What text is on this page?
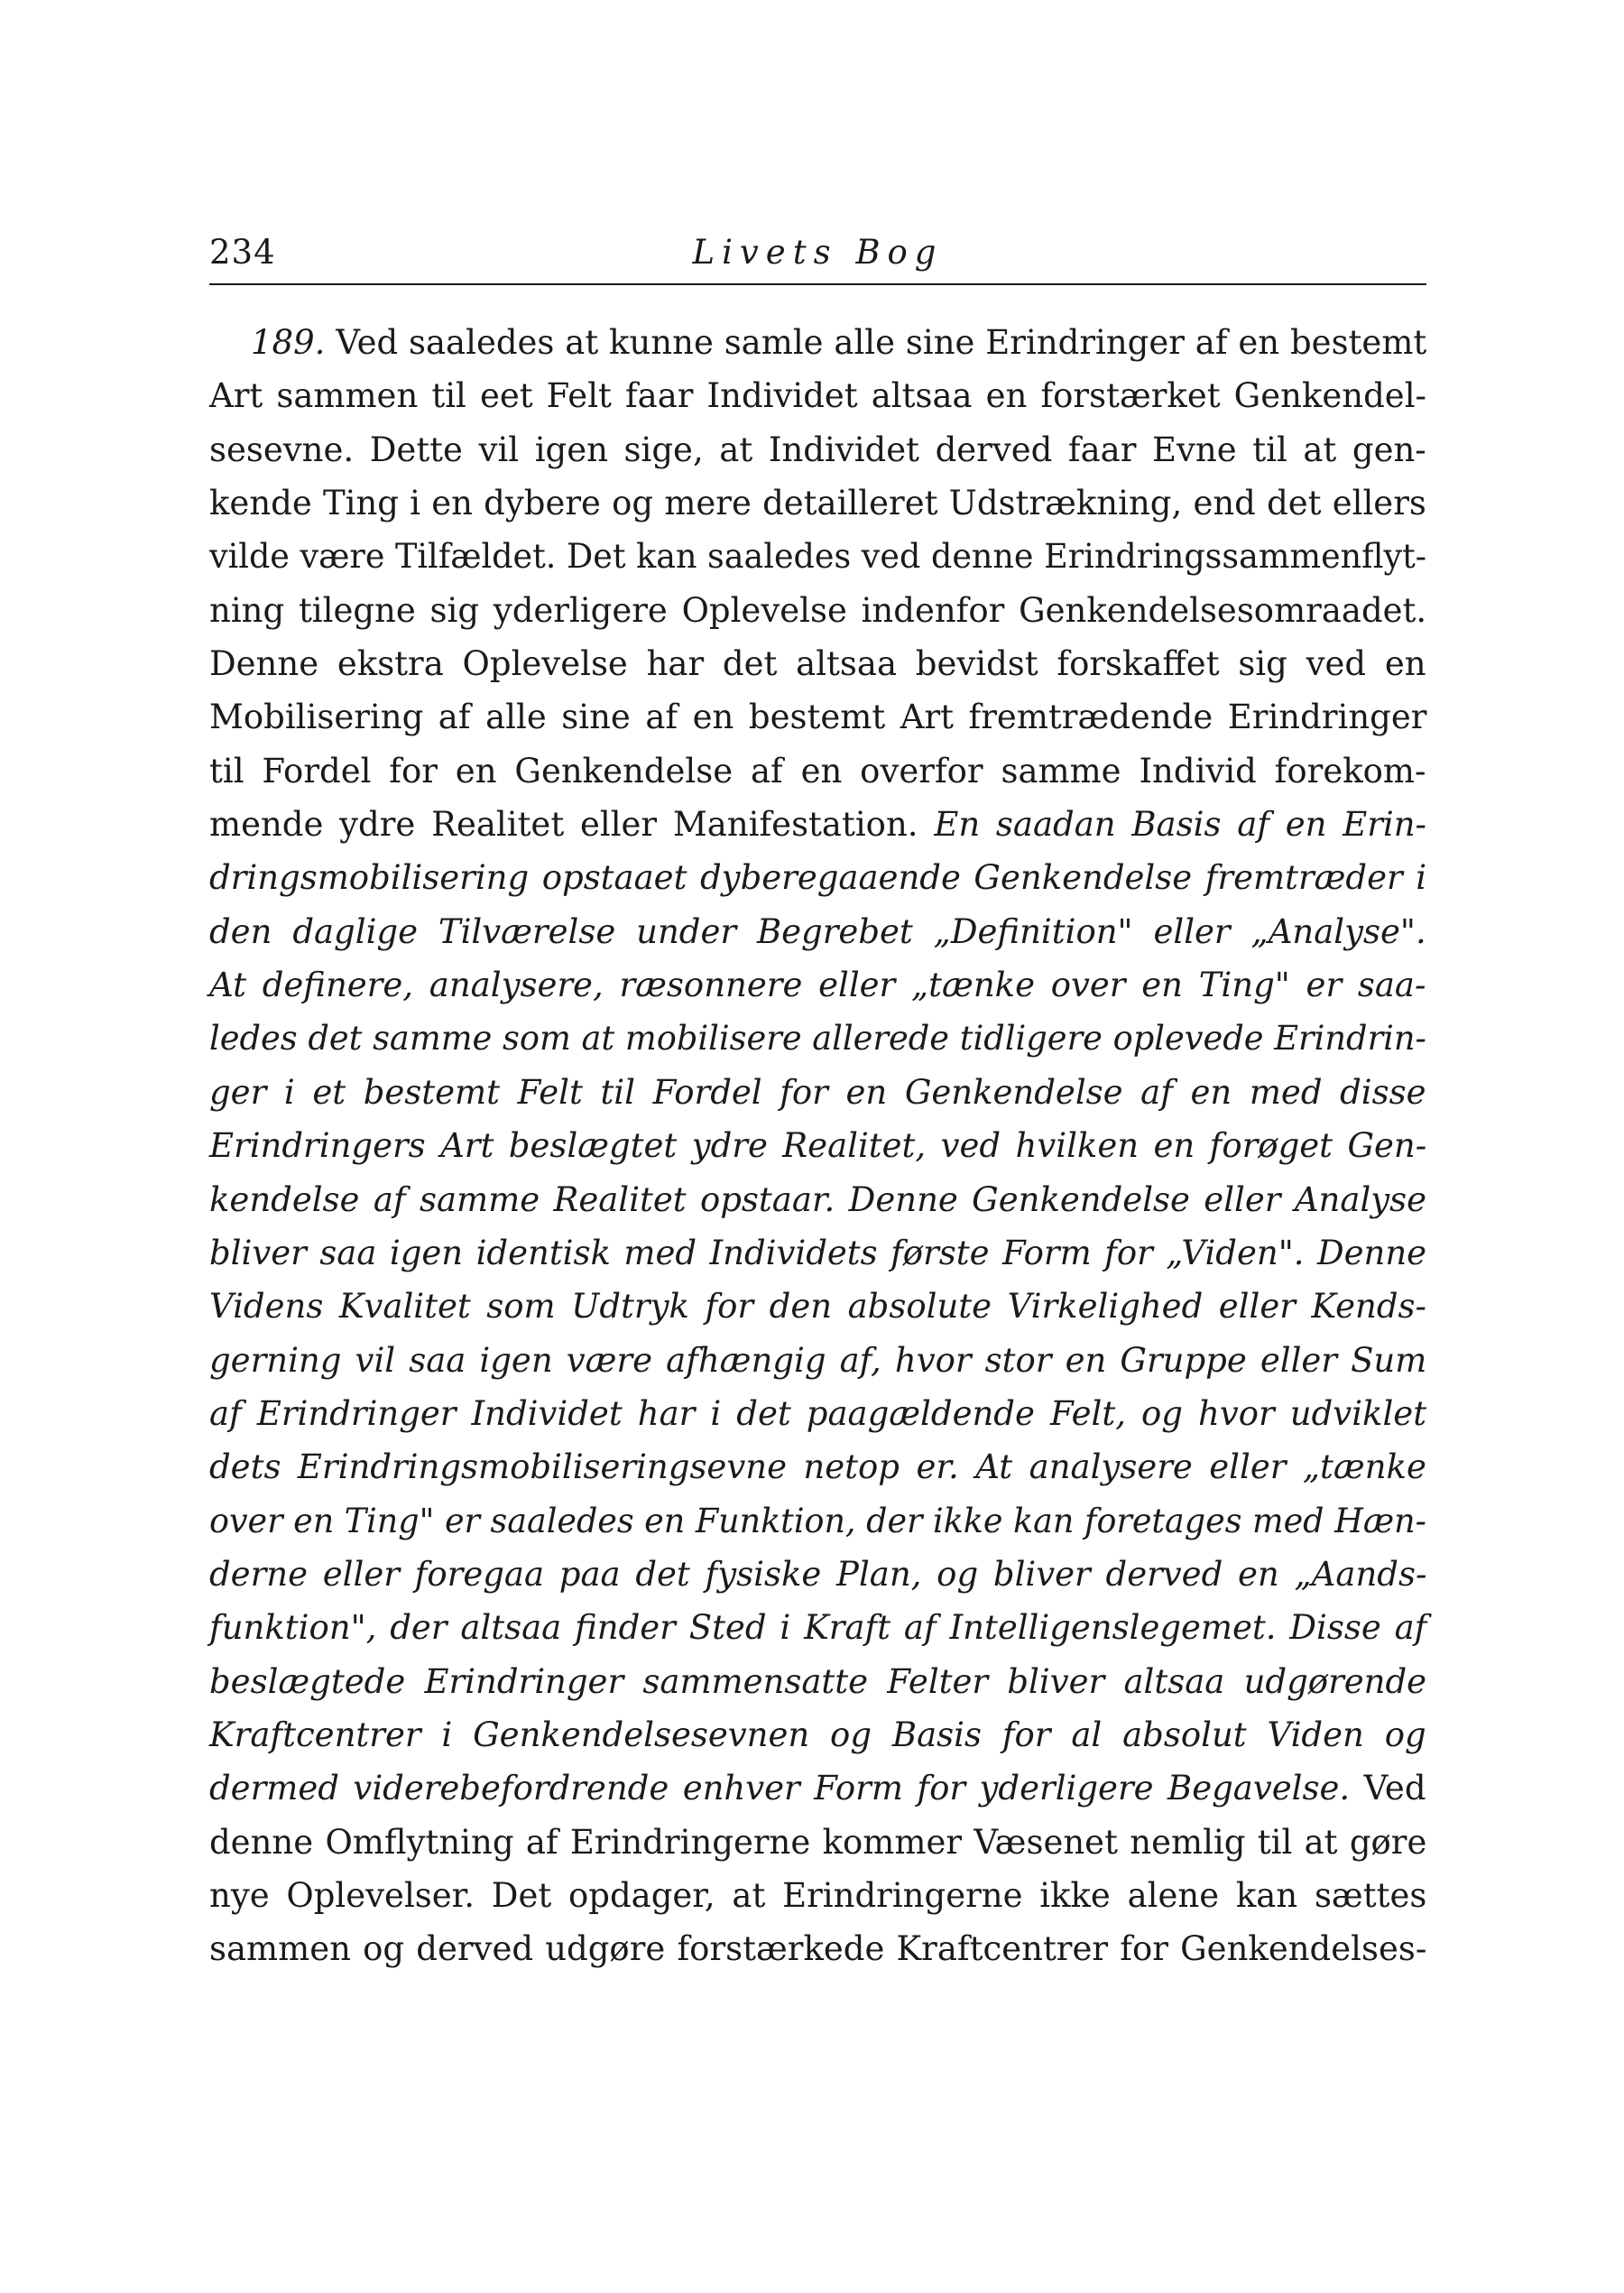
234	Livets Bog
189. Ved saaledes at kunne samle alle sine Erindringer af en bestemt
Art sammen til eet Felt faar Individet altsaa en forstærket Genkendel-
sesevne. Dette vil igen sige, at Individet derved faar Evne til at gen-
kende Ting i en dybere og mere detailleret Udstrækning, end det ellers
vilde være Tilfældet. Det kan saaledes ved denne Erindringssammenflyt-
ning tilegne sig yderligere Oplevelse indenfor Genkendelsesomraadet.
Denne ekstra Oplevelse har det altsaa bevidst forskaffet sig ved en
Mobilisering af alle sine af en bestemt Art fremtrædende Erindringer
til Fordel for en Genkendelse af en overfor samme Individ forekom-
mende ydre Realitet eller Manifestation. En saadan Basis af en Erin-
dringsmobilisering opstaaet dyberegaaende Genkendelse fremtræder i
den daglige Tilværelse under Begrebet „Definition" eller „Analyse".
At definere, analysere, ræsonnere eller „tænke over en Ting" er saa-
ledes det samme som at mobilisere allerede tidligere oplevede Erindrin-
ger i et bestemt Felt til Fordel for en Genkendelse af en med disse
Erindringers Art beslægtet ydre Realitet, ved hvilken en forøget Gen-
kendelse af samme Realitet opstaar. Denne Genkendelse eller Analyse
bliver saa igen identisk med Individets første Form for „Viden". Denne
Videns Kvalitet som Udtryk for den absolute Virkelighed eller Kends-
gerning vil saa igen være afhængig af, hvor stor en Gruppe eller Sum
af Erindringer Individet har i det paagældende Felt, og hvor udviklet
dets Erindringsmobiliseringsevne netop er. At analysere eller „tænke
over en Ting" er saaledes en Funktion, der ikke kan foretages med Hæn-
derne eller foregaa paa det fysiske Plan, og bliver derved en „Aands-
funktion", der altsaa finder Sted i Kraft af Intelligenslegemet. Disse af
beslægtede Erindringer sammensatte Felter bliver altsaa udgørende
Kraftcentrer i Genkendelsesevnen og Basis for al absolut Viden og
dermed viderebefordrende enhver Form for yderligere Begavelse. Ved
denne Omflytning af Erindringerne kommer Væsenet nemlig til at gøre
nye Oplevelser. Det opdager, at Erindringerne ikke alene kan sættes
sammen og derved udgøre forstærkede Kraftcentrer for Genkendelses-
